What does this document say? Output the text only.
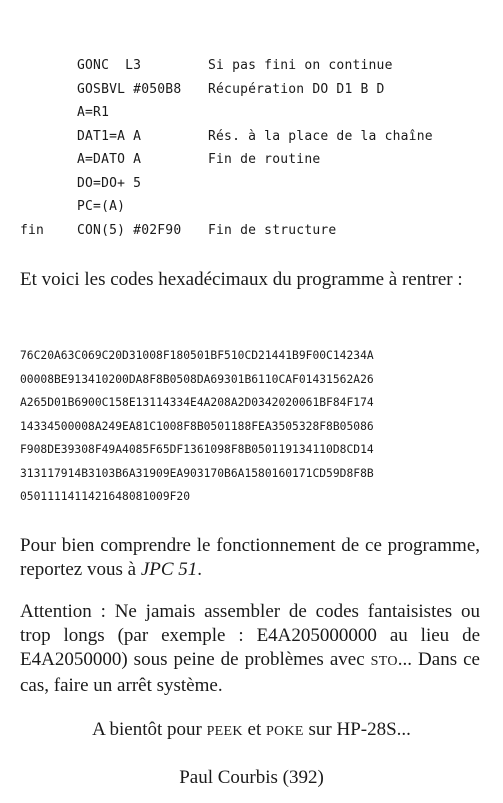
GONC  L3	Si pas fini on continue
GOSBVL #050B8 Récupération DO D1 B D
A=R1
DAT1=A A	Rés. à la place de la chaîne
A=DATO A	Fin de routine
DO=DO+ 5
PC=(A)
fin	CON(5) #02F90 Fin de structure
Et voici les codes hexadécimaux du programme à rentrer :
76C20A63C069C20D31008F180501BF510CD21441B9F00C14234A
00008BE913410200DA8F8B0508DA69301B6110CAF01431562A26
A265D01B6900C158E13114334E4A208A2D0342020061BF84F174
14334500008A249EA81C1008F8B0501188FEA3505328F8B05086
F908DE39308F49A4085F65DF1361098F8B050119134110D8CD14
313117914B3103B6A31909EA903170B6A1580160171CD59D8F8B
0501111411421648081009F20
Pour bien comprendre le fonctionnement de ce programme, reportez vous à JPC 51.
Attention : Ne jamais assembler de codes fantaisistes ou trop longs (par exemple : E4A205000000 au lieu de E4A2050000) sous peine de problèmes avec STO... Dans ce cas, faire un arrêt système.
A bientôt pour PEEK et POKE sur HP-28S...
Paul Courbis (392)
